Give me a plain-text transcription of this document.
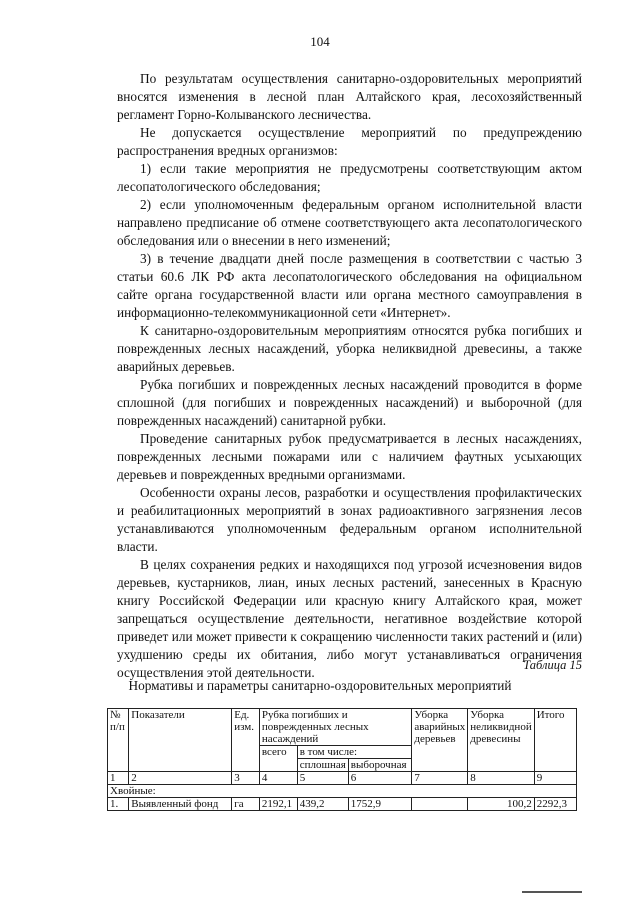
104

По результатам осуществления санитарно-оздоровительных мероприятий вносятся изменения в лесной план Алтайского края, лесохозяйственный регламент Горно-Колыванского лесничества.

Не допускается осуществление мероприятий по предупреждению распространения вредных организмов:

1) если такие мероприятия не предусмотрены соответствующим актом лесопатологического обследования;

2) если уполномоченным федеральным органом исполнительной власти направлено предписание об отмене соответствующего акта лесопатологического обследования или о внесении в него изменений;

3) в течение двадцати дней после размещения в соответствии с частью 3 статьи 60.6 ЛК РФ акта лесопатологического обследования на официальном сайте органа государственной власти или органа местного самоуправления в информационно-телекоммуникационной сети «Интернет».

К санитарно-оздоровительным мероприятиям относятся рубка погибших и поврежденных лесных насаждений, уборка неликвидной древесины, а также аварийных деревьев.

Рубка погибших и поврежденных лесных насаждений проводится в форме сплошной (для погибших и поврежденных насаждений) и выборочной (для поврежденных насаждений) санитарной рубки.

Проведение санитарных рубок предусматривается в лесных насаждениях, поврежденных лесными пожарами или с наличием фаутных усыхающих деревьев и поврежденных вредными организмами.

Особенности охраны лесов, разработки и осуществления профилактических и реабилитационных мероприятий в зонах радиоактивного загрязнения лесов устанавливаются уполномоченным федеральным органом исполнительной власти.

В целях сохранения редких и находящихся под угрозой исчезновения видов деревьев, кустарников, лиан, иных лесных растений, занесенных в Красную книгу Российской Федерации или красную книгу Алтайского края, может запрещаться осуществление деятельности, негативное воздействие которой приведет или может привести к сокращению численности таких растений и (или) ухудшению среды их обитания, либо могут устанавливаться ограничения осуществления этой деятельности.	Таблица 15
Нормативы и параметры санитарно-оздоровительных мероприятий
№ п/п	Показатели	Ед. изм.	Рубка погибших и поврежденных лесных насаждений			Уборка аварийных деревьев	Уборка неликвидной древесины	Итого
			всего	в том числе:				
				сплошная	выборочная			
1	2	3	4	5	6	7	8	9
Хвойные:								
1.	Выявленный фонд	га	2192,1	439,2	1752,9		100,2	2292,3
